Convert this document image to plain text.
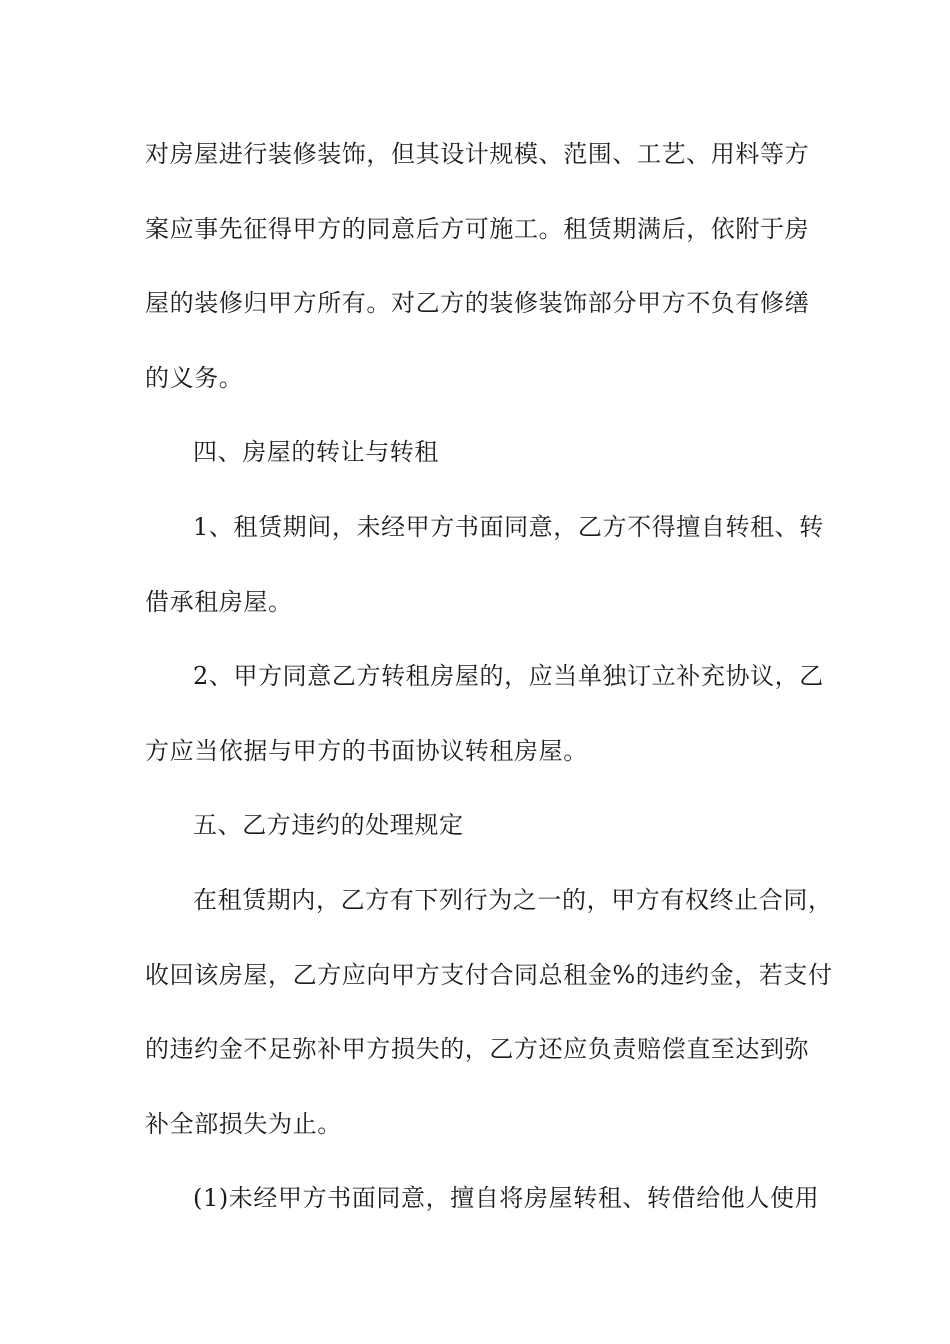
对房屋进行装修装饰，但其设计规模、范围、工艺、用料等方
案应事先征得甲方的同意后方可施工。租赁期满后，依附于房
屋的装修归甲方所有。对乙方的装修装饰部分甲方不负有修缮
的义务。
四、房屋的转让与转租
1、租赁期间，未经甲方书面同意，乙方不得擅自转租、转
借承租房屋。
2、甲方同意乙方转租房屋的，应当单独订立补充协议，乙
方应当依据与甲方的书面协议转租房屋。
五、乙方违约的处理规定
在租赁期内，乙方有下列行为之一的，甲方有权终止合同，
收回该房屋，乙方应向甲方支付合同总租金%的违约金，若支付
的违约金不足弥补甲方损失的，乙方还应负责赔偿直至达到弥
补全部损失为止。
(1)未经甲方书面同意，擅自将房屋转租、转借给他人使用
